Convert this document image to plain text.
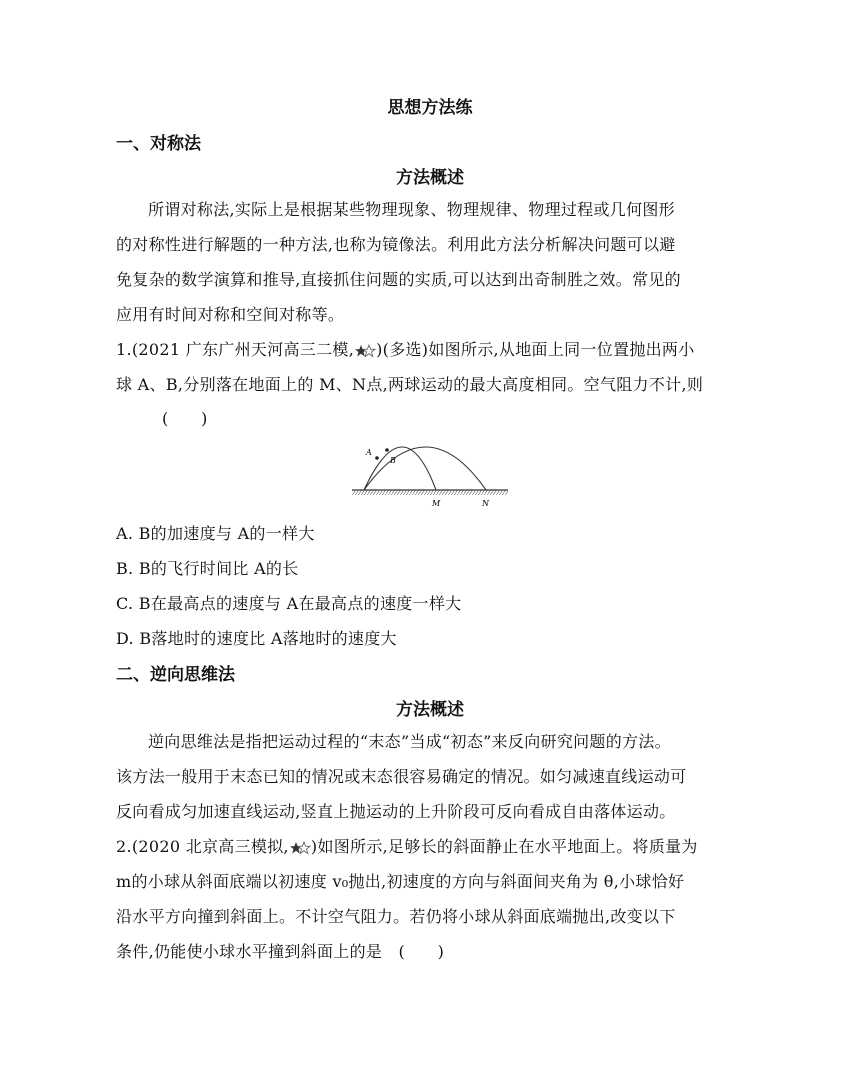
思想方法练
一、对称法
方法概述
所谓对称法,实际上是根据某些物理现象、物理规律、物理过程或几何图形
的对称性进行解题的一种方法,也称为镜像法。利用此方法分析解决问题可以避
免复杂的数学演算和推导,直接抓住问题的实质,可以达到出奇制胜之效。常见的
应用有时间对称和空间对称等。
1.(2021 广东广州天河高三二模, )(多选)如图所示,从地面上同一位置抛出两小
球 A、B,分别落在地面上的 M、N点,两球运动的最大高度相同。空气阻力不计,则
(　　)
A
B
M	N
A. B的加速度与 A的一样大
B. B的飞行时间比 A的长
C. B在最高点的速度与 A在最高点的速度一样大
D. B落地时的速度比 A落地时的速度大
二、逆向思维法
方法概述
逆向思维法是指把运动过程的“末态”当成“初态”来反向研究问题的方法。
该方法一般用于末态已知的情况或末态很容易确定的情况。如匀减速直线运动可
反向看成匀加速直线运动,竖直上抛运动的上升阶段可反向看成自由落体运动。
2.(2020 北京高三模拟, )如图所示,足够长的斜面静止在水平地面上。将质量为
m的小球从斜面底端以初速度 v₀抛出,初速度的方向与斜面间夹角为 θ,小球恰好
沿水平方向撞到斜面上。不计空气阻力。若仍将小球从斜面底端抛出,改变以下
条件,仍能使小球水平撞到斜面上的是　(　　)
